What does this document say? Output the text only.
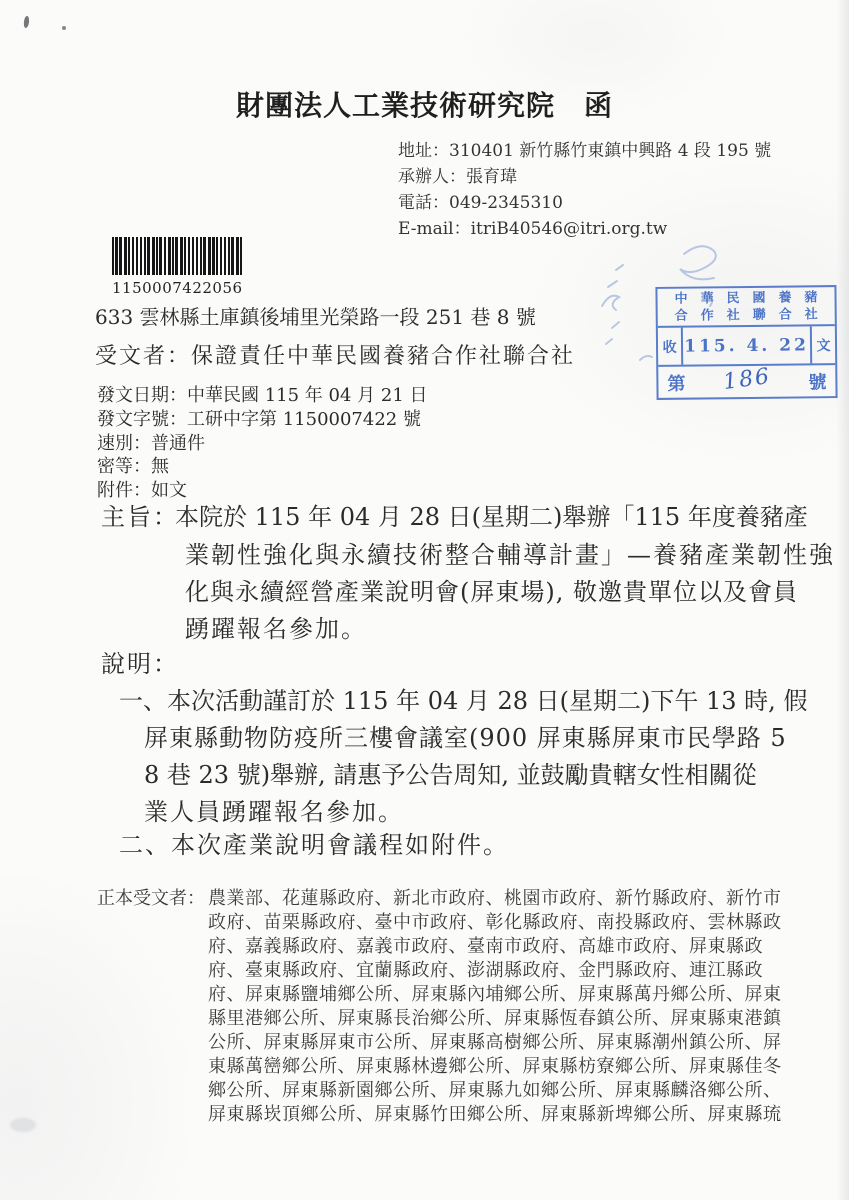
財團法人工業技術研究院　函
地址：310401 新竹縣竹東鎮中興路 4 段 195 號
承辦人：張育瑋
電話：049-2345310
E-mail：itriB40546@itri.org.tw
1150007422056
中華民國養豬
合作社聯合社
收 115. 4. 22 文
第 186 號
633 雲林縣土庫鎮後埔里光榮路一段 251 巷 8 號
受文者：保證責任中華民國養豬合作社聯合社
發文日期：中華民國 115 年 04 月 21 日
發文字號：工研中字第 1150007422 號
速別：普通件
密等：無
附件：如文
主旨：
本院於 115 年 04 月 28 日(星期二)舉辦「115 年度養豬產
業韌性強化與永續技術整合輔導計畫」—養豬產業韌性強
化與永續經營產業說明會(屏東場), 敬邀貴單位以及會員
踴躍報名參加。
說明：
一、本次活動謹訂於 115 年 04 月 28 日(星期二)下午 13 時, 假
屏東縣動物防疫所三樓會議室(900 屏東縣屏東市民學路 5
8 巷 23 號)舉辦, 請惠予公告周知, 並鼓勵貴轄女性相關從
業人員踴躍報名參加。
二、本次產業說明會議程如附件。
正本受文者： 農業部、花蓮縣政府、新北市政府、桃園市政府、新竹縣政府、新竹市
政府、苗栗縣政府、臺中市政府、彰化縣政府、南投縣政府、雲林縣政
府、嘉義縣政府、嘉義市政府、臺南市政府、高雄市政府、屏東縣政
府、臺東縣政府、宜蘭縣政府、澎湖縣政府、金門縣政府、連江縣政
府、屏東縣鹽埔鄉公所、屏東縣內埔鄉公所、屏東縣萬丹鄉公所、屏東
縣里港鄉公所、屏東縣長治鄉公所、屏東縣恆春鎮公所、屏東縣東港鎮
公所、屏東縣屏東市公所、屏東縣高樹鄉公所、屏東縣潮州鎮公所、屏
東縣萬巒鄉公所、屏東縣林邊鄉公所、屏東縣枋寮鄉公所、屏東縣佳冬
鄉公所、屏東縣新園鄉公所、屏東縣九如鄉公所、屏東縣麟洛鄉公所、
屏東縣崁頂鄉公所、屏東縣竹田鄉公所、屏東縣新埤鄉公所、屏東縣琉
